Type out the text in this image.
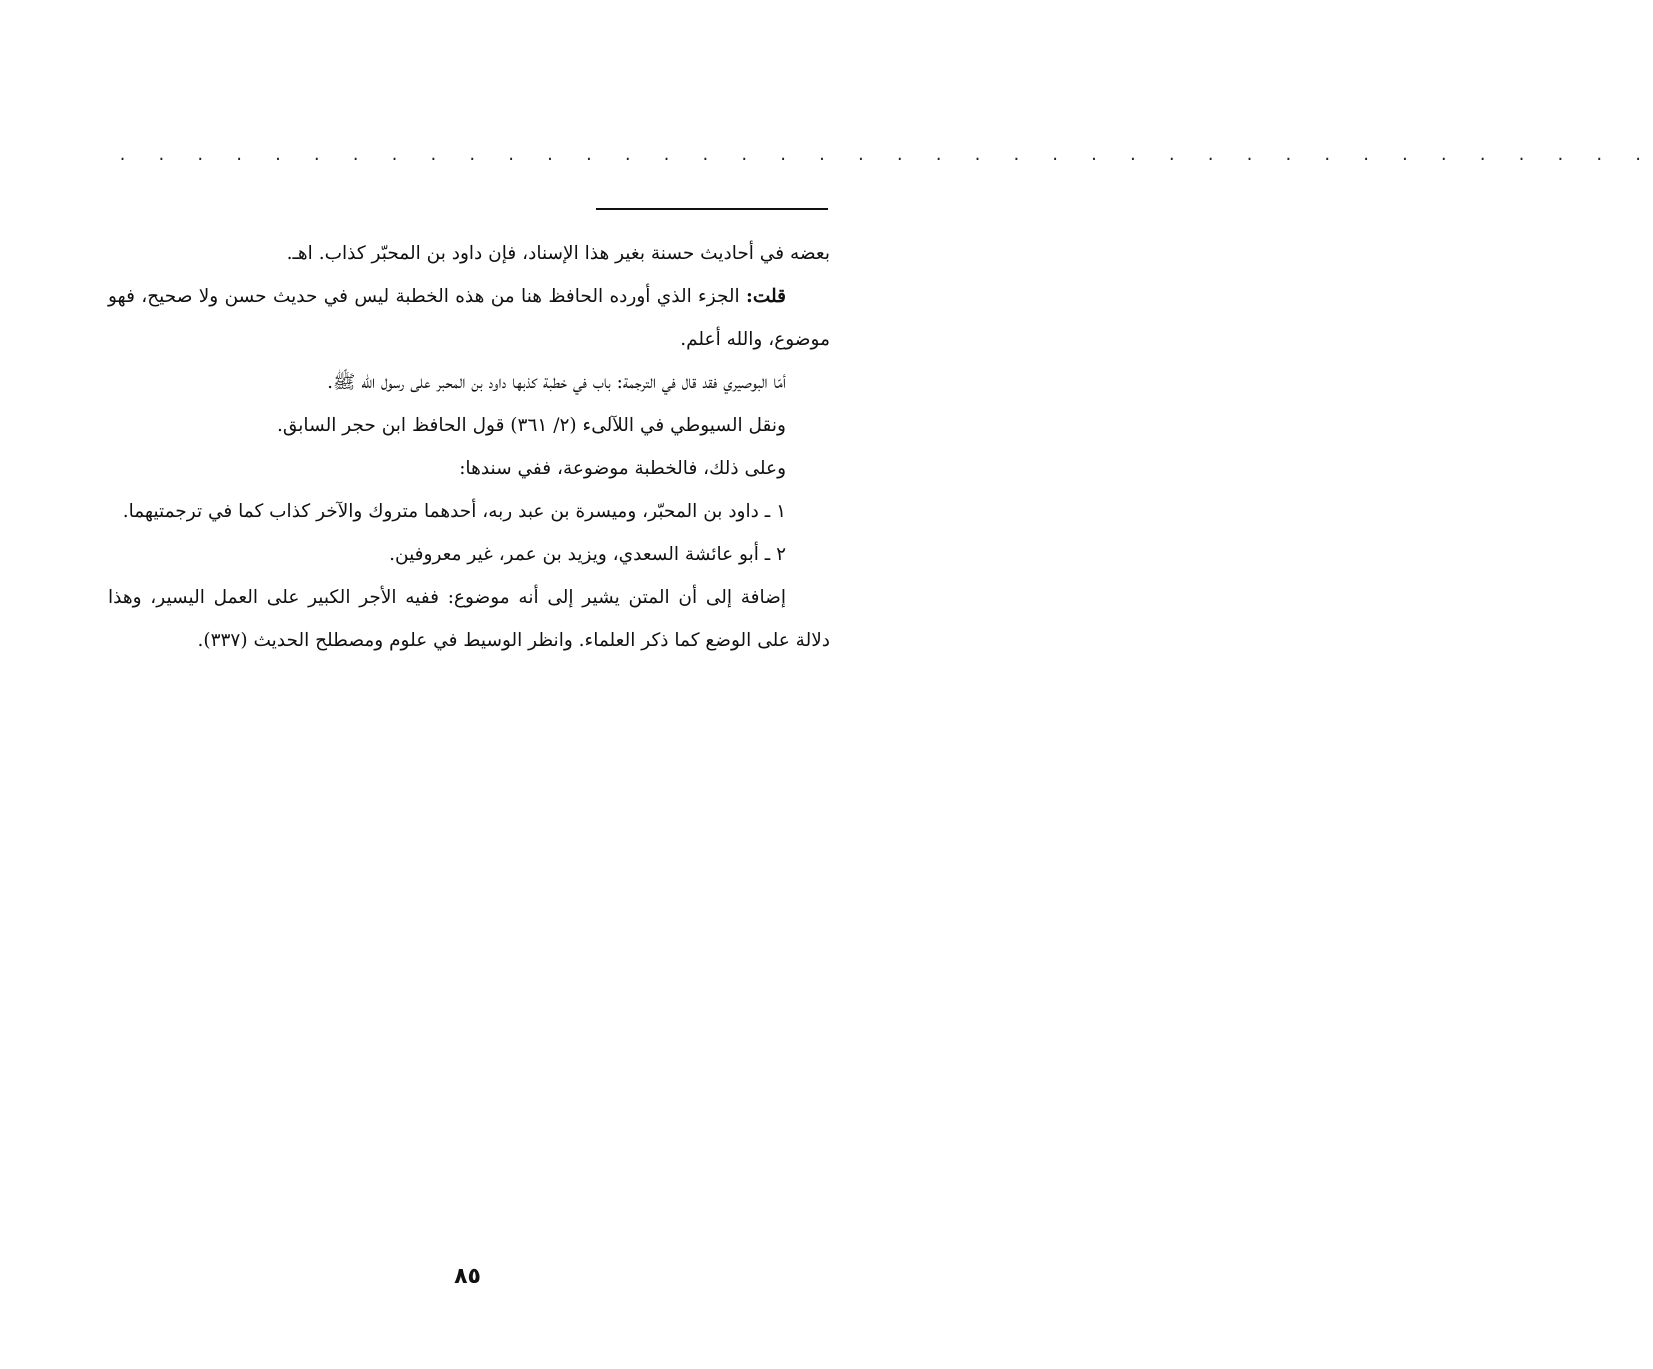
. . . . . . . . . . . . . . . . . . . . . . . . . . . . . . . . . . . . . . . .

بعضه في أحاديث حسنة بغير هذا الإسناد، فإن داود بن المحبّر كذاب. اهـ.

قلت: الجزء الذي أورده الحافظ هنا من هذه الخطبة ليس في حديث حسن ولا صحيح، فهو موضوع، والله أعلم.

أمّا البوصيري فقد قال في الترجمة: باب في خطبة كذبها داود بن المحبر على رسول الله ﷺ.

ونقل السيوطي في اللآلىء (٢/ ٣٦١) قول الحافظ ابن حجر السابق.

وعلى ذلك، فالخطبة موضوعة، ففي سندها:

١ ـ داود بن المحبّر، وميسرة بن عبد ربه، أحدهما متروك والآخر كذاب كما في ترجمتيهما.

٢ ـ أبو عائشة السعدي، ويزيد بن عمر، غير معروفين.

إضافة إلى أن المتن يشير إلى أنه موضوع: ففيه الأجر الكبير على العمل اليسير، وهذا دلالة على الوضع كما ذكر العلماء. وانظر الوسيط في علوم ومصطلح الحديث (٣٣٧).

٨٥
